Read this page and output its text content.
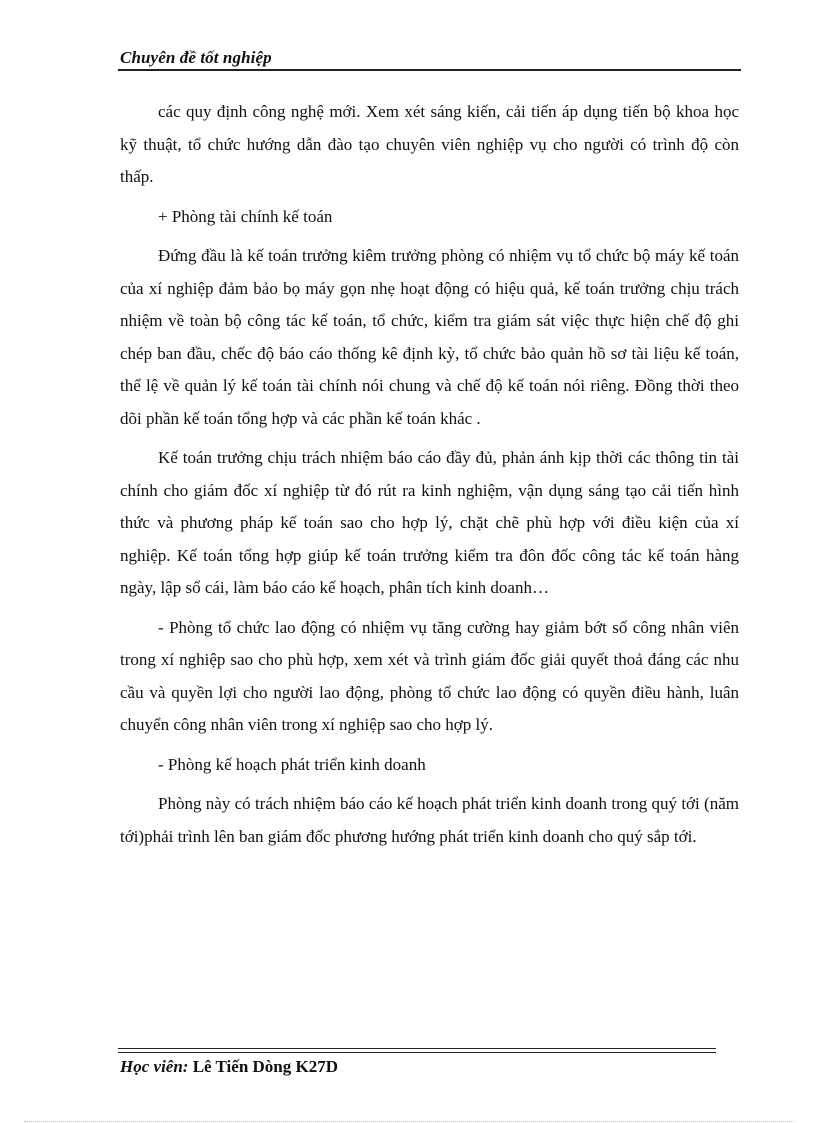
Chuyên đề tốt nghiệp

các quy định công nghệ mới. Xem xét sáng kiến, cải tiến áp dụng tiến bộ khoa học kỹ thuật, tổ chức hướng dẫn đào tạo chuyên viên nghiệp vụ cho người có trình độ còn thấp.

+ Phòng tài chính kế toán

Đứng đầu là kế toán trưởng kiêm trưởng phòng có nhiệm vụ tổ chức bộ máy kế toán của xí nghiệp đảm bảo bọ máy gọn nhẹ hoạt động có hiệu quả, kế toán trưởng chịu trách nhiệm về toàn bộ công tác kế toán, tổ chức, kiểm tra giám sát việc thực hiện chế độ ghi chép ban đầu, chếc độ báo cáo thống kê định kỳ, tổ chức bảo quản hồ sơ tài liệu kế toán, thể lệ về quản lý kế toán tài chính nói chung và chế độ kế toán nói riêng. Đồng thời theo dõi phần kế toán tổng hợp và các phần kế toán khác .

Kế toán trưởng chịu trách nhiệm báo cáo đầy đủ, phản ánh kịp thời các thông tin tài chính cho giám đốc xí nghiệp từ đó rút ra kinh nghiệm, vận dụng sáng tạo cải tiến hình thức và phương pháp kế toán sao cho hợp lý, chặt chẽ phù hợp với điều kiện của xí nghiệp. Kế toán tổng hợp giúp kế toán trưởng kiểm tra đôn đốc công tác kế toán hàng ngày, lập sổ cái, làm báo cáo kế hoạch, phân tích kinh doanh…

- Phòng tổ chức lao động có nhiệm vụ tăng cường hay giảm bớt số công nhân viên trong xí nghiệp sao cho phù hợp, xem xét và trình giám đốc giải quyết thoả đáng các nhu cầu và quyền lợi cho người lao động, phòng tổ chức lao động có quyền điều hành, luân chuyển công nhân viên trong xí nghiệp sao cho hợp lý.

- Phòng kế hoạch phát triển kinh doanh

Phòng này có trách nhiệm báo cáo kế hoạch phát triển kinh doanh trong quý tới (năm tới)phải trình lên ban giám đốc phương hướng phát triển kinh doanh cho quý sắp tới.

Học viên: Lê Tiến Dòng K27D
